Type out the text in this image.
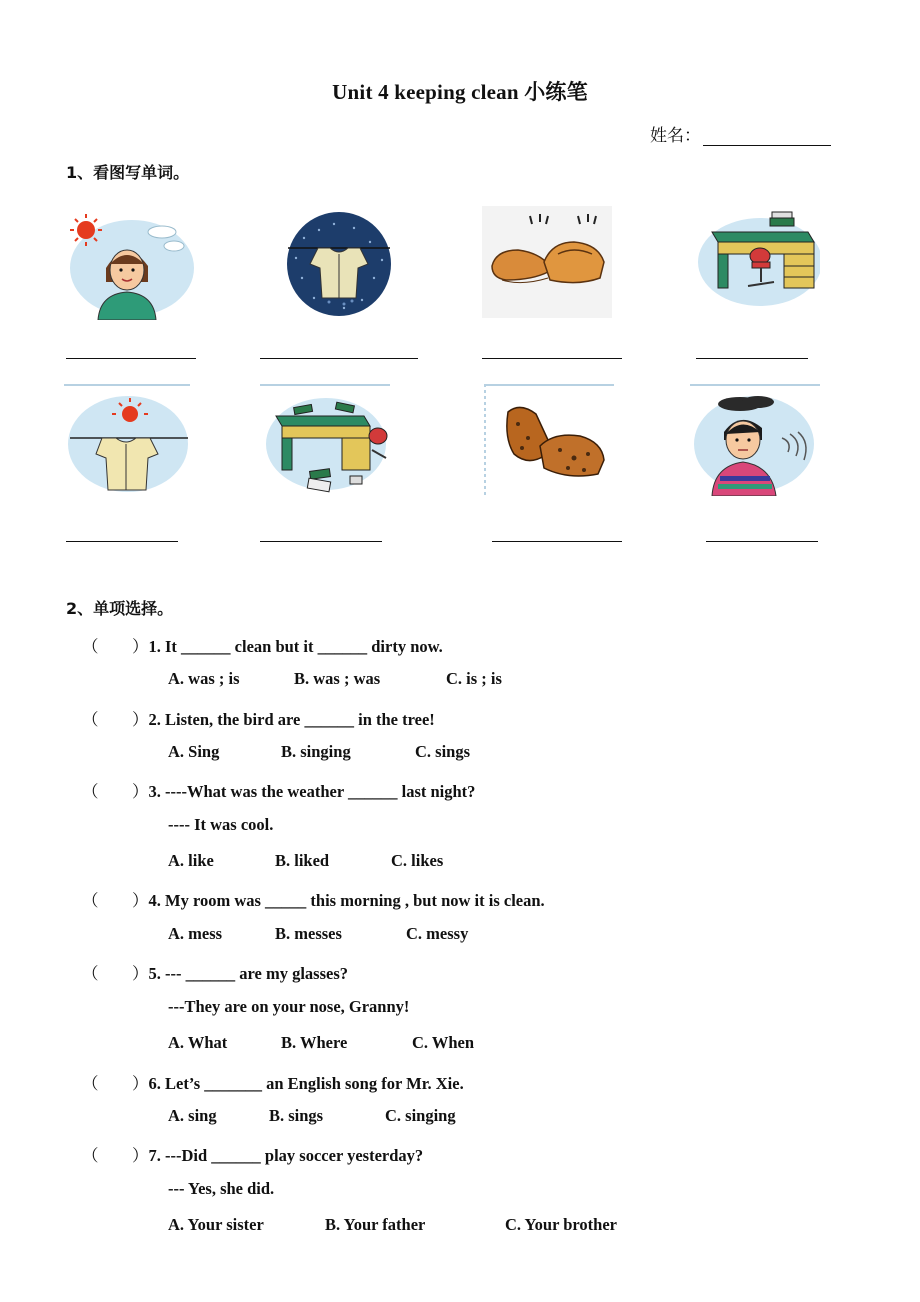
Unit 4 keeping clean 小练笔
姓名：
1、看图写单词。
2、单项选择。
（ ）1. It ______ clean but it ______ dirty now.
A. was ; is	B. was ; was	C. is ; is
（ ）2. Listen, the bird are ______ in the tree!
A. Sing	B. singing	C. sings
（ ）3. ----What was the weather ______ last night?
---- It was cool.
A. like	B. liked	C. likes
（ ）4. My room was _____ this morning , but now it is clean.
A. mess	B. messes	C. messy
（ ）5. --- ______ are my glasses?
---They are on your nose, Granny!
A. What	B. Where	C. When
（ ）6. Let’s _______ an English song for Mr. Xie.
A. sing	B. sings	C. singing
（ ）7. ---Did ______ play soccer yesterday?
--- Yes, she did.
A. Your sister	B. Your father	C. Your brother
